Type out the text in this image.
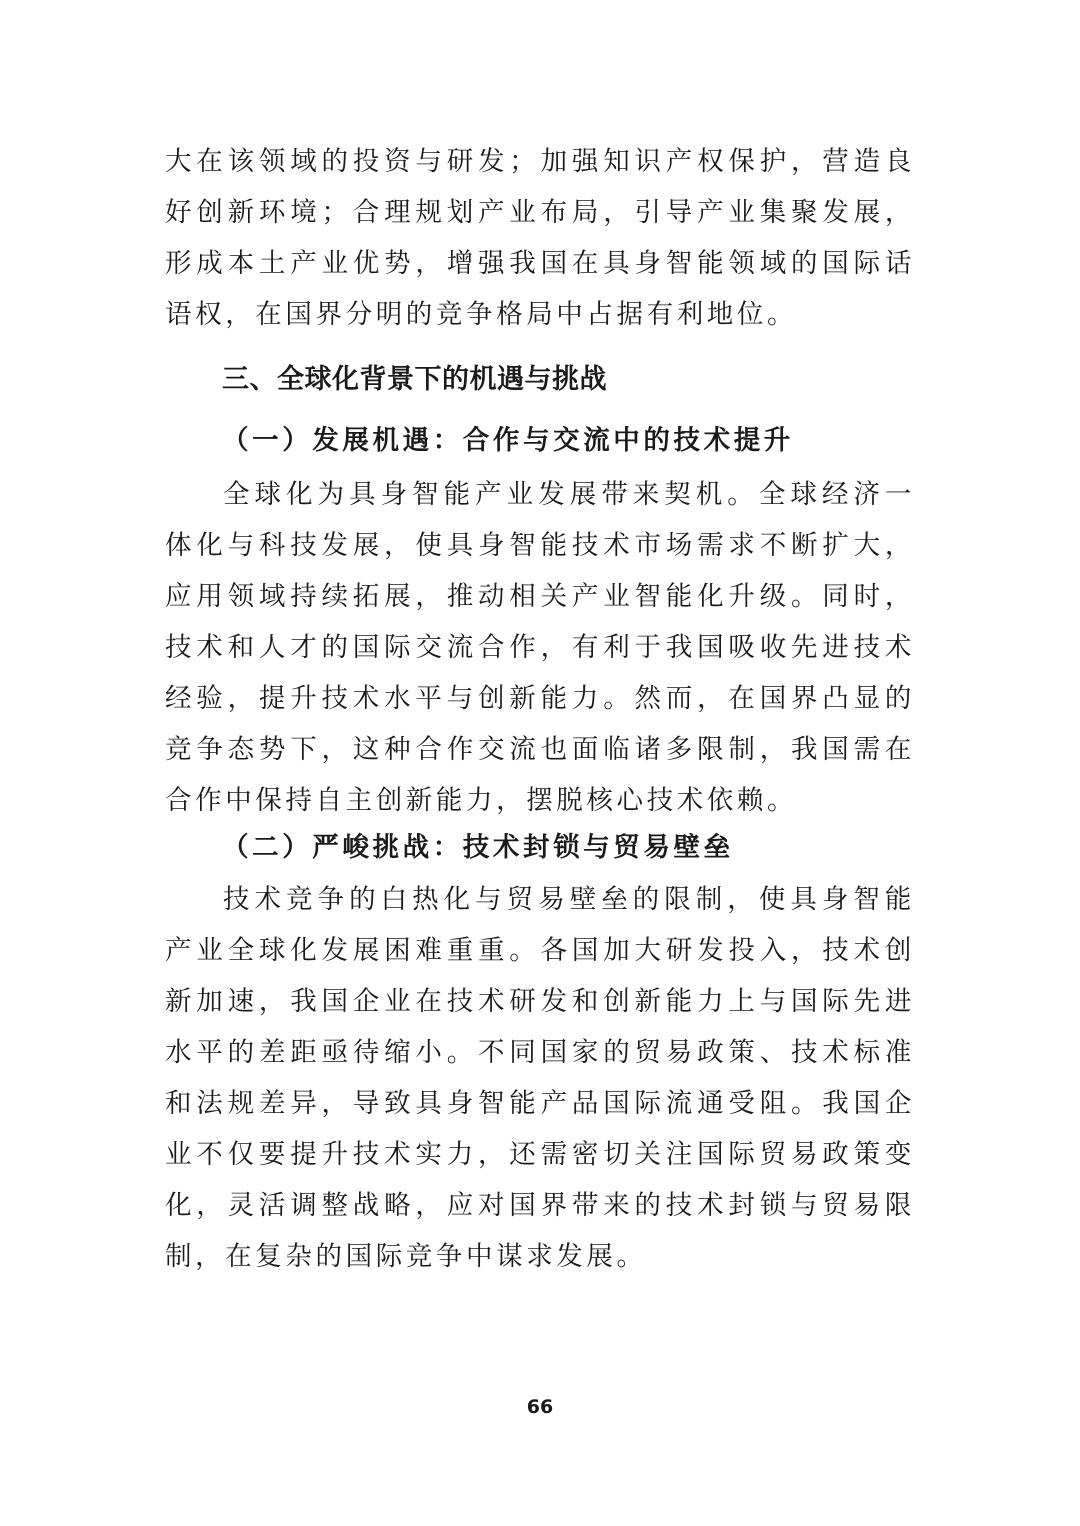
大在该领域的投资与研发；加强知识产权保护，营造良好创新环境；合理规划产业布局，引导产业集聚发展，形成本土产业优势，增强我国在具身智能领域的国际话语权，在国界分明的竞争格局中占据有利地位。

三、全球化背景下的机遇与挑战
（一）发展机遇：合作与交流中的技术提升

全球化为具身智能产业发展带来契机。全球经济一体化与科技发展，使具身智能技术市场需求不断扩大，应用领域持续拓展，推动相关产业智能化升级。同时，技术和人才的国际交流合作，有利于我国吸收先进技术经验，提升技术水平与创新能力。然而，在国界凸显的竞争态势下，这种合作交流也面临诸多限制，我国需在合作中保持自主创新能力，摆脱核心技术依赖。

（二）严峻挑战：技术封锁与贸易壁垒

技术竞争的白热化与贸易壁垒的限制，使具身智能产业全球化发展困难重重。各国加大研发投入，技术创新加速，我国企业在技术研发和创新能力上与国际先进水平的差距亟待缩小。不同国家的贸易政策、技术标准和法规差异，导致具身智能产品国际流通受阻。我国企业不仅要提升技术实力，还需密切关注国际贸易政策变化，灵活调整战略，应对国界带来的技术封锁与贸易限制，在复杂的国际竞争中谋求发展。

66
